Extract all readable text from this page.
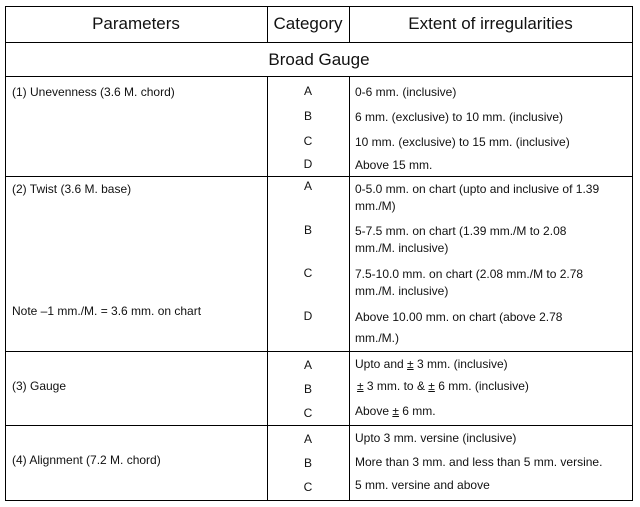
Parameters	Category	Extent of irregularities
Broad Gauge
(1) Unevenness (3.6 M. chord)	A	0-6 mm. (inclusive)
B	6 mm. (exclusive) to 10 mm. (inclusive)
C	10 mm. (exclusive) to 15 mm. (inclusive)
D	Above 15 mm.
(2) Twist (3.6 M. base)
Note –1 mm./M. = 3.6 mm. on chart
A	0-5.0 mm. on chart (upto and inclusive of 1.39
mm./M)
B	5-7.5 mm. on chart (1.39 mm./M to 2.08
mm./M. inclusive)
C	7.5-10.0 mm. on chart (2.08 mm./M to 2.78
mm./M. inclusive)
D	Above 10.00 mm. on chart (above 2.78
mm./M.)
(3) Gauge
A	Upto and ± 3 mm. (inclusive)
B	± 3 mm. to & ± 6 mm. (inclusive)
C	Above ± 6 mm.
(4) Alignment (7.2 M. chord)
A	Upto 3 mm. versine (inclusive)
B	More than 3 mm. and less than 5 mm. versine.
C	5 mm. versine and above
